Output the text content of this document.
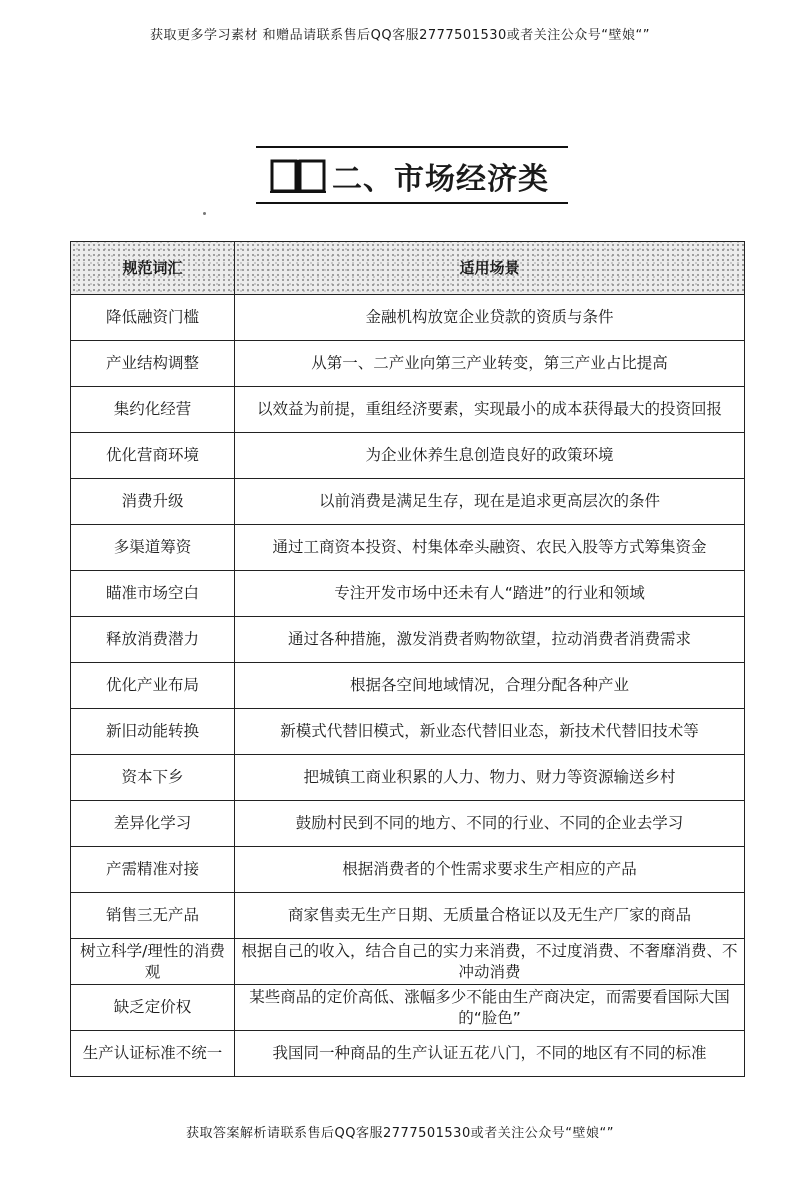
获取更多学习素材 和赠品请联系售后QQ客服2777501530或者关注公众号“壁娘“”
二、市场经济类
规范词汇	适用场景
降低融资门槛	金融机构放宽企业贷款的资质与条件
产业结构调整	从第一、二产业向第三产业转变，第三产业占比提高
集约化经营	以效益为前提，重组经济要素，实现最小的成本获得最大的投资回报
优化营商环境	为企业休养生息创造良好的政策环境
消费升级	以前消费是满足生存，现在是追求更高层次的条件
多渠道筹资	通过工商资本投资、村集体牵头融资、农民入股等方式筹集资金
瞄准市场空白	专注开发市场中还未有人“踏进”的行业和领域
释放消费潜力	通过各种措施，激发消费者购物欲望，拉动消费者消费需求
优化产业布局	根据各空间地域情况，合理分配各种产业
新旧动能转换	新模式代替旧模式，新业态代替旧业态，新技术代替旧技术等
资本下乡	把城镇工商业积累的人力、物力、财力等资源输送乡村
差异化学习	鼓励村民到不同的地方、不同的行业、不同的企业去学习
产需精准对接	根据消费者的个性需求要求生产相应的产品
销售三无产品	商家售卖无生产日期、无质量合格证以及无生产厂家的商品
树立科学/理性的消费观	根据自己的收入，结合自己的实力来消费，不过度消费、不奢靡消费、不冲动消费
缺乏定价权	某些商品的定价高低、涨幅多少不能由生产商决定，而需要看国际大国的“脸色”
生产认证标准不统一	我国同一种商品的生产认证五花八门，不同的地区有不同的标准
获取答案解析请联系售后QQ客服2777501530或者关注公众号“壁娘“”
